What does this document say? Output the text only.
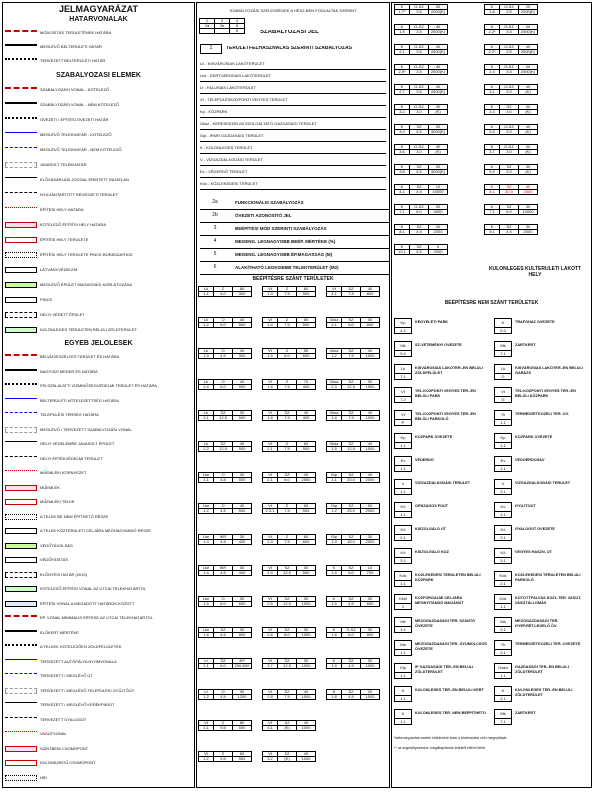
JELMAGYARÁZAT
HATÁRVONALAK
MÓDOSÍTÁS TERÜLETÉNEK HATÁRA
MEGLÉVŐ BELTERÜLETI HATÁR
TERVEZETT BELTERÜLETI HATÁR
SZABÁLYOZÁSI ELEMEK
SZABÁLYOZÁSI VONAL - KÖTELEZŐ
SZABÁLYOZÁSI VONAL - NEM KÖTELEZŐ
ÖVEZETI / ÉPÍTÉSI ÖVEZETI HATÁR
MEGLÉVŐ TELEKHATÁR - KÖTELEZŐ
MEGLÉVŐ TELEKHATÁR - NEM KÖTELEZŐ
JAVASOLT TELEKHATÁR
ELŐVÁSÁRLÁSI JOGGAL ÉRINTETT INGATLAN
NYILVÁNTARTOTT RÉGÉSZETI TERÜLET
ÉPÍTÉSI HELY HATÁRA
KÖTELEZŐ ÉPÍTÉSI HELY HATÁRA
ÉPÍTÉSI HELY TERÜLETE
ÉPÍTÉSI HELY TERÜLETE PINCE BORÁSZATHOZ
LÁTVÁNYVÉDELEM
MEGLÉVŐ ÉPÜLET MAGASSÁGI KORLÁTOZÁSA
PINCE
HELYI VÉDETT ÉPÜLET
KÜLÖNLEGES TERÜLETEN BELÜLI ZÖLDTERÜLET
EGYÉB JELÖLÉSEK
BELVÍZVESZÉLYES TERÜLET ÉS HATÁRA
NAGYVÍZI MEDER ÉS HATÁRA
FELSZÍN ALATTI VÍZMINŐSÉGVÉDELMI TERÜLET ÉS HATÁRA
BELTERÜLETI KÖTELEZETTSÉG HATÁRA
TELEPÜLÉSI TÉRSÉG HATÁRA
MEGLÉVŐ / TERVEZETT SZABÁLYOZÁSI VONAL
HELYI VÉDELEMRE JAVASOLT ÉPÜLET
HELYI ÉRTÉKVÉDELMI TERÜLET
MŰEMLÉKI KÖRNYEZET
MŰEMLÉK
MŰEMLÉKI TELKE
A TELEK BE NEM ÉPÍTHETŐ RÉSZE
A TELEK KÖZTERÜLETI CÉLJÁRA MEGHAGYANDÓ RÉSZE
VÉDŐTÁVOLSÁG
VÉDŐFÁSÍTÁS
ELŐNYÉSI HATÁR (2010)
KÖTELEZŐ ÉPÍTÉSI VONAL AZ UTCAI TELEKHATÁRTÓL
ÉPÍTÉSI VONAL A MEGADOTT HATÁROK KÖZÖTT
ÉP. VONAL MINIMÁLIS ÉRTÉKE AZ UTCAI TELEKHATÁRTÓL
ELŐKERT MÉRTÉKE
A TELKEK KÖTELEZŐEN ZÖLDFELÜLETEK
TERVEZETT AUTÓPÁLYA NYOMVONALA
TERVEZETT / MEGLÉVŐ ÚT
TERVEZETT / MEGLÉVŐ TELEPÜLÉSI GYŰJTŐÚT
TERVEZETT / MEGLÉVŐ KERÉKPÁRÚT
TERVEZETT GYALOGÚT
VASÚTVONAL
SZINTBENI CSOMÓPONT
KÜLÖNSZINTŰ CSOMÓPONT
HÍD
SZABÁLYOZÁSI SZÉLESSÉGEK A HÉSZ-BEN FOGLALTAK SZERINT
1	3	4
2a	2b	5
		6	SZABÁLYOZÁSI JEL
1	TERÜLETFELHASZNÁLÁS SZERINTI SZABÁLYOZÁS
Lk - KISVÁROSIAS LAKÓTERÜLET
Lke - KERTVÁROSIAS LAKÓTERÜLET
Lf - FALUSIAS LAKÓTERÜLET
Vt - TELEPÜLÉSKÖZPONTI VEGYES TERÜLET
Kp - KÖZPARK
Gksz - KERESKEDELMI SZOLGÁLTATÓ GAZDASÁGI TERÜLET
Gip - IPARI GAZDASÁGI TERÜLET
K - KÜLÖNLEGES TERÜLET
V - VÍZGAZDÁLKODÁSI TERÜLET
Ev - VÉDERDŐ TERÜLET
Kõu - KÖZLEKEDÉSI TERÜLET
2a	FUNKCIONÁLIS SZABÁLYOZÁS
2b	ÖVEZETI AZONOSÍTÓ JEL
3	BEÉPÍTÉSI MÓD SZERINTI SZABÁLYOZÁS
4	MEGENG. LEGNAGYOBB BEÉP. MÉRTÉKE (%)
5	MEGENG. LEGNAGYOBB ÉP.MAGASSÁG (M)
6	ALAKÍTHATÓ LEGKISEBB TELEKTERÜLET (M2)
BEÉPÍTÉSRE SZÁNT TERÜLETEK
Lk	Z	80
1.1	6.0	300
Lk	O	40
1.2	6.0	500
Lk	O	40
1.3	4.5	300
Lk	O	40
1.4	6.0	500
Lk	SZ	30
2.1	12.5	500
Lk	SZ	40
2.2	12.5	500
Lke	O	30
1.1	4.5	500
Lke	O	40
1.2	4.5	500
Lke	IKR	30
1.3	4.5	420
Lke	IKR	30
1.4	4.5	400
Lke	O	30
1.5	6.0	600
Lke	SZ	30
1.6	4.5	800
Lf	SZ	30*
1.1	6.0	200-600
Lf	O	30
1.2	4.5	1200
Vt	Z	80
1.1	9.5	500
Vt	Z	80
1.2	9.5	500
Vt	Z	80
1.3	7.5	500
Vt	Z	80
1.4	7.5	500
Vt	Z	50
1.5	6.0	600
Vt	Z	70
1.6	7.5	400
Vt	SZ	40
1.6	7.5	400
Vt	Z	60
2.1	7.5	500
Vt	SZ	40
2.1	6.0	2500
Vt	Z	60
2.3.1	7.5	500
Vt	Z	60
2.3	7.5	600
Vt	SZ	30
2.4	12.5	500
Vt	SZ	30
2.5	12.5	1000
Vt	SZ	30
2.6	8.0	1000
Vt	SZ	30
2.7	12.5	1000
Vt	SZ	40
2.8	7.5	1000
Vt	SZ	40
3.1	(K)	1000
Vt	SZ	40
3.2	(K)	1000
Vt	SZ	40
4.1	7.5	800
Gksz	SZ	30
1.1	6.0	800
Gksz	SZ	40
1.2	7.5	1000
Gksz	SZ	30
1.3	12.5	1500
Gksz	SZ	40
1.4	7.5	1000
Gksz	SZ	40
1.5	12.5	1000
Gip	SZ	40
1.1	20.0	2000
Gip	SZ	50
1.2	25.0	2000
Gip	SZ	30
1.3	15.0	2000
K	SZ	10
1.4	6.0	700
K	SZ	30
1.5	4.5	600
K	O-SZ	30
1.6	6.0	800
K	SZ	30
1.5	4.5	1000
K	SZ	20
1.6	4.5	1000
K	O-SZ	30
1.7*	3.5	2000(K)
K	O-SZ	20
1.8	3.5	2000(K)
K	O-SZ	40
1.9	3.5	2500(K)
K	O-SZ	40
2.2*	3.5	2500(K)
K	O-SZ	40
2.1	3.5	2500(K)
K	O-SZ	40
2.2*	3.5	2500(K)
K	O-SZ	40
2.5*	3.5	2500(K)
K	O-SZ	40
2.4	3.5	2500(K)
K	O-SZ	40
2.7	3.5	2500(K)
K	O-SZ	40
3.1	3.0	(K)
K	O-SZ	30
3.2	3.0	(K)
K	SZ	30
3.3	3.0	(K)
K	SZ	30
3.4	4.5	3000(K)
K	O-SZ	40
3.5	3.0	(K)
K	O-SZ	40
3.6	3.0	(K)
K	O-SZ	30
3.7	3.0	(K)
K	SZ	30
3.8	4.5	3000(K)
K	SZ	30
3.9	3.0	(K)
K	SZ	10
4.1	4.5	10000
K	SZ	40
6.1	20.0	2000
K	O-SZ	30
7.1	6.0	4000
K	SZ	30
7.1	6.0	10000
K	SZ	40
8.1	4.5	2000
K	SZ	30
9.1	4.5	2000
K	SZ	5
10.1	4.5	2000
KÜLÖNLEGES KÜLTERÜLETI LAKOTT HELY
BEÉPÍTÉSRE NEM SZÁNT TERÜLETEK
Kp
4.2
KEGYELETI PARK
Mk
5.4
SZ-VÉTEMÉNYI ÖVEZETE
Lk
7.1
KISVÁROSIAS LAKÓTER.-EN BELÜLI ZÖLDFELÜLET
Vt
7.2
TEL.KÖZPONTI VEGYES TER.-EN BELÜLI PARK
Vt
P
TEL.KÖZPONTI VEGYES TER.-EN BELÜLI PARKOLÓ
Kp
1.1
KÖZPARK ÖVEZETE
Ev
1.1
VÉDERDŐ
V
1.1
VÍZGAZDÁLKODÁSI TERÜLET
Kö
1.1
ORSZÁGOS FŐÚT
Kö
2.1
KISZOLGÁLÓ ÚT
Kö
3.1
KISZOLGÁLÓ KÖZ
Kök
1.1
KÖZLEKEDÉSI TERÜLETEN BELÜLI KÖZPARK
Kköl
1
KÖZFORGALMI CÉLJÁRA MEGNYITANDÓ MAGÁNÚT
Mk
3.1
MEZŐGAZDASÁGI TER. SZÁNTÓ ÖVEZETE
Má
1.1
MEZŐGAZDASÁGI TER. GYÜMÖLCSÖS ÖVEZETE
Gip
1.1
IP GAZDASÁGI TER.-EN BELÜLI ZÖLDTERÜLET
K
1.1
KÜLÖNLEGES TER.-EN BELÜLI KERT
K
1.1
KÜLÖNLEGES TER. NEM BEÉPÍTHETŐ
K
5.3
TRAFÓHÁZ ÖVEZETE
Mk
7.1
ZÁRTKERT
Lk
G
KISVÁROSIAS LAKÓTER.-EN BELÜLI GARÁZS
Vt
G
TEL.KÖZPONTI VEGYES TER.-EN BELÜLI KÖZPARK
Tk
1.1
TERMÉSZETKÖZELI TER. ÖV.
Kp
1.1
KÖZPARK ÖVEZETE
Ev
1.1
VÉDŐERDŐSÁV
V
2.1
VÍZGAZDÁLKODÁSI TERÜLET
Kö
1.1
GYŰJTŐÚT
Kö
2.1
GYALOGÚT ÖVEZETE
Kö
3.1
VEGYES HASZN. ÚT
Kök
2.1
KÖZLEKEDÉSI TERÜLETEN BELÜLI PARKOLÓ
Kök
1.1
KÖTŐTTPÁLYÁS KÖZL.TER. VASÚT, VASÚTÁLLOMÁS
Má
2.1
MEZŐGAZDASÁGI TER. GYEP,RÉT,LEGELŐ ÖV.
Tk
2.1
TERMÉSZETKÖZELI TER. ÖVEZETE
Gazd
1.1
GAZDASÁGI TER.-EN BELÜLI ZÖLDTERÜLET
K
2.1
KÜLÖNLEGES TER.-EN BELÜLI ZÖLDTERÜLET
Mk
7.1
ZÁRTKERT
*telkemegosztás esetén kötelezővé teszi a közlekedési célú megnyitását
** az engedélyezéskor megállapítandó értéktől eltérni lehet
